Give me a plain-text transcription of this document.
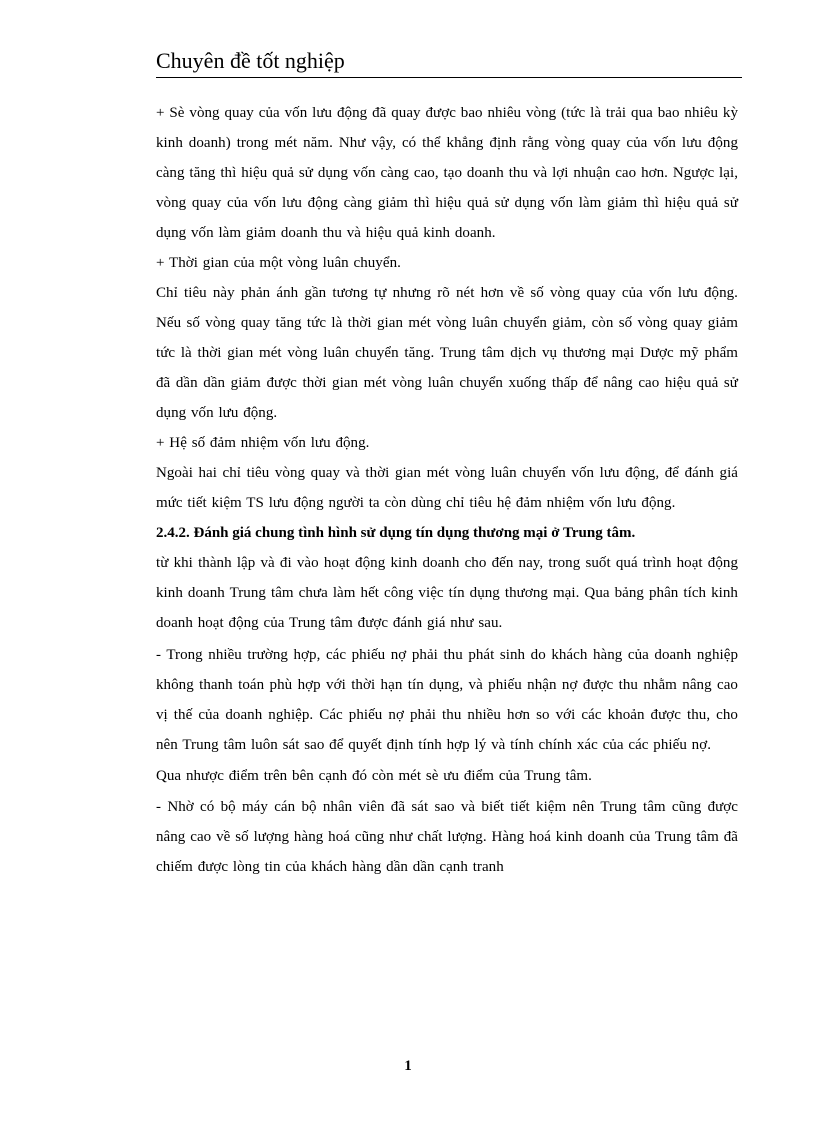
Chuyên đề tốt nghiệp

+ Sè vòng quay của vốn lưu động đã quay được bao nhiêu vòng (tức là trải qua bao nhiêu kỳ kinh doanh) trong mét năm. Như vậy, có thể khẳng định rằng vòng quay của vốn lưu động càng tăng thì hiệu quả sử dụng vốn càng cao, tạo doanh thu và lợi nhuận cao hơn. Ngược lại, vòng quay của vốn lưu động càng giảm thì hiệu quả sử dụng vốn làm giảm thì hiệu quả sử dụng vốn làm giảm doanh thu và hiệu quả kinh doanh.

+ Thời gian của một vòng luân chuyển.

Chỉ tiêu này phản ánh gần tương tự nhưng rõ nét hơn về số vòng quay của vốn lưu động. Nếu số vòng quay tăng tức là thời gian mét vòng luân chuyển giảm, còn số vòng quay giảm tức là thời gian mét vòng luân chuyển tăng. Trung tâm dịch vụ thương mại Dược mỹ phẩm đã dần dần giảm được thời gian mét vòng luân chuyển xuống thấp để nâng cao hiệu quả sử dụng vốn lưu động.

+ Hệ số đảm nhiệm vốn lưu động.

Ngoài hai chỉ tiêu vòng quay và thời gian mét vòng luân chuyển vốn lưu động, để đánh giá mức tiết kiệm TS lưu động người ta còn dùng chỉ tiêu hệ đảm nhiệm vốn lưu động.

2.4.2. Đánh giá chung tình hình sử dụng tín dụng thương mại ở Trung tâm.

từ khi thành lập và đi vào hoạt động kinh doanh cho đến nay, trong suốt quá trình hoạt động kinh doanh Trung tâm chưa làm hết công việc tín dụng thương mại. Qua bảng phân tích kinh doanh hoạt động của Trung tâm được đánh giá như sau.

- Trong nhiều trường hợp, các phiếu nợ phải thu phát sinh do khách hàng của doanh nghiệp không thanh toán phù hợp với thời hạn tín dụng, và phiếu nhận nợ được thu nhằm nâng cao vị thế của doanh nghiệp. Các phiếu nợ phải thu nhiều hơn so với các khoản được thu, cho nên Trung tâm luôn sát sao để quyết định tính hợp lý và tính chính xác của các phiếu nợ.

Qua nhược điểm trên bên cạnh đó còn mét sè ưu điểm của Trung tâm.

- Nhờ có bộ máy cán bộ nhân viên đã sát sao và biết tiết kiệm nên Trung tâm cũng được nâng cao về số lượng hàng hoá cũng như chất lượng. Hàng hoá kinh doanh của Trung tâm đã chiếm được lòng tin của khách hàng dần dần cạnh tranh

1
